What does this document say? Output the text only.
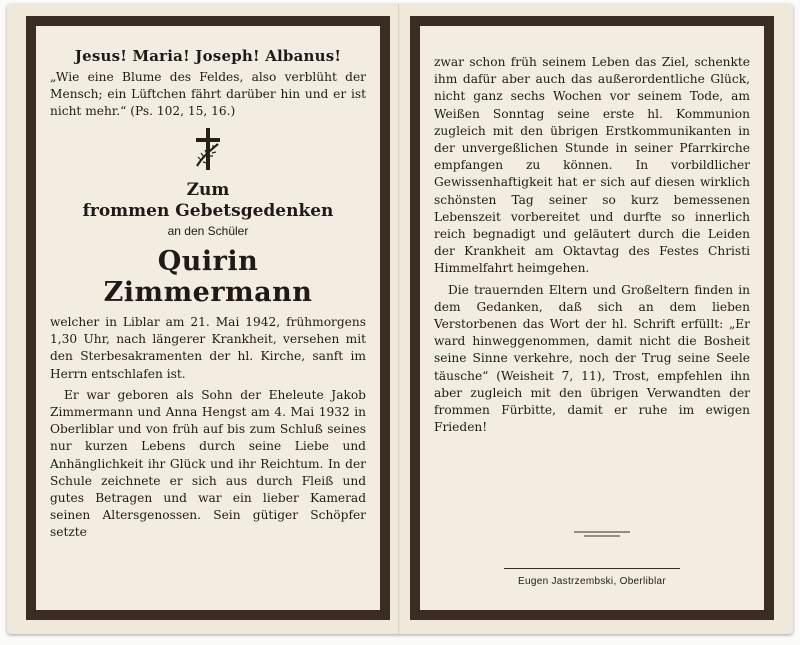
Jesus! Maria! Joseph! Albanus!
„Wie eine Blume des Feldes, also verblüht der Mensch; ein Lüftchen fährt darüber hin und er ist nicht mehr.“ (Ps. 102, 15, 16.)
Zum
frommen Gebetsgedenken
an den Schüler
Quirin Zimmermann

welcher in Liblar am 21. Mai 1942, frühmorgens 1,30 Uhr, nach längerer Krankheit, versehen mit den Sterbesakramenten der hl. Kirche, sanft im Herrn entschlafen ist.

Er war geboren als Sohn der Eheleute Jakob Zimmermann und Anna Hengst am 4. Mai 1932 in Oberliblar und von früh auf bis zum Schluß seines nur kurzen Lebens durch seine Liebe und Anhänglichkeit ihr Glück und ihr Reichtum. In der Schule zeichnete er sich aus durch Fleiß und gutes Betragen und war ein lieber Kamerad seinen Altersgenossen. Sein gütiger Schöpfer setzte

zwar schon früh seinem Leben das Ziel, schenkte ihm dafür aber auch das außerordentliche Glück, nicht ganz sechs Wochen vor seinem Tode, am Weißen Sonntag seine erste hl. Kommunion zugleich mit den übrigen Erstkommunikanten in der unvergeßlichen Stunde in seiner Pfarrkirche empfangen zu können. In vorbildlicher Gewissenhaftigkeit hat er sich auf diesen wirklich schönsten Tag seiner so kurz bemessenen Lebenszeit vorbereitet und durfte so innerlich reich begnadigt und geläutert durch die Leiden der Krankheit am Oktavtag des Festes Christi Himmelfahrt heimgehen.

Die trauernden Eltern und Großeltern finden in dem Gedanken, daß sich an dem lieben Verstorbenen das Wort der hl. Schrift erfüllt: „Er ward hinweggenommen, damit nicht die Bosheit seine Sinne verkehre, noch der Trug seine Seele täusche“ (Weisheit 7, 11), Trost, empfehlen ihn aber zugleich mit den übrigen Verwandten der frommen Fürbitte, damit er ruhe im ewigen Frieden!

Eugen Jastrzembski, Oberliblar
